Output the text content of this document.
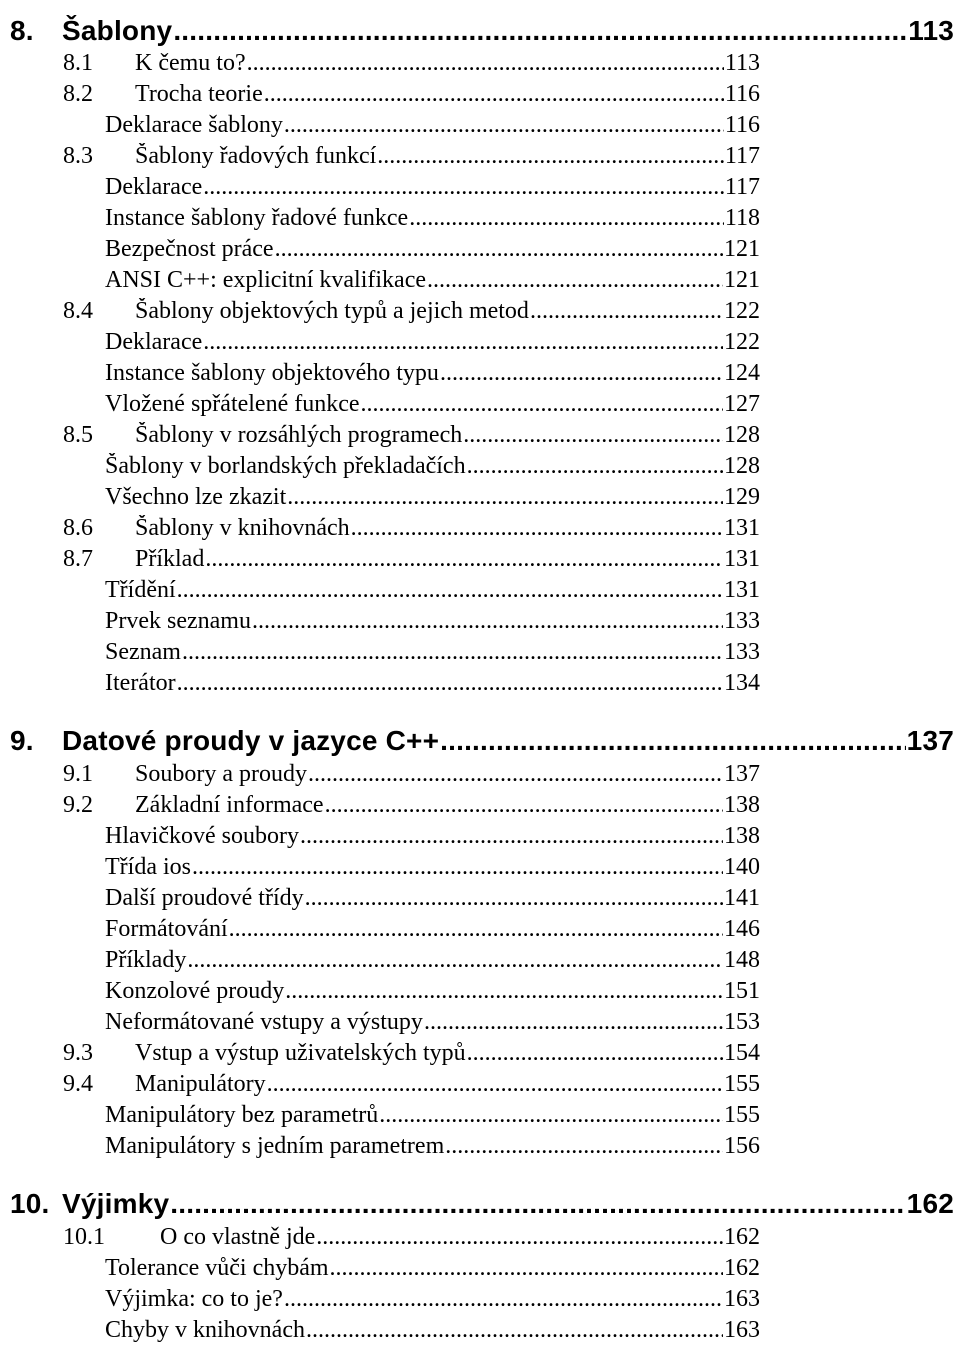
8.	Šablony .....	113
8.1	K čemu to? .....	113
8.2	Trocha teorie .....	116
Deklarace šablony .....	116
8.3	Šablony řadových funkcí .....	117
Deklarace .....	117
Instance šablony řadové funkce .....	118
Bezpečnost práce .....	121
ANSI C++: explicitní kvalifikace .....	121
8.4	Šablony objektových typů a jejich metod .....	122
Deklarace .....	122
Instance šablony objektového typu .....	124
Vložené spřátelené funkce .....	127
8.5	Šablony v rozsáhlých programech .....	128
Šablony v borlandských překladačích .....	128
Všechno lze zkazit .....	129
8.6	Šablony v knihovnách .....	131
8.7	Příklad .....	131
Třídění .....	131
Prvek seznamu .....	133
Seznam .....	133
Iterátor .....	134
9.	Datové proudy v jazyce C++ .....	137
9.1	Soubory a proudy .....	137
9.2	Základní informace .....	138
Hlavičkové soubory .....	138
Třída ios .....	140
Další proudové třídy .....	141
Formátování .....	146
Příklady .....	148
Konzolové proudy .....	151
Neformátované vstupy a výstupy .....	153
9.3	Vstup a výstup uživatelských typů .....	154
9.4	Manipulátory .....	155
Manipulátory bez parametrů .....	155
Manipulátory s jedním parametrem .....	156
10. Výjimky .....	162
10.1	O co vlastně jde .....	162
Tolerance vůči chybám .....	162
Výjimka: co to je? .....	163
Chyby v knihovnách .....	163
